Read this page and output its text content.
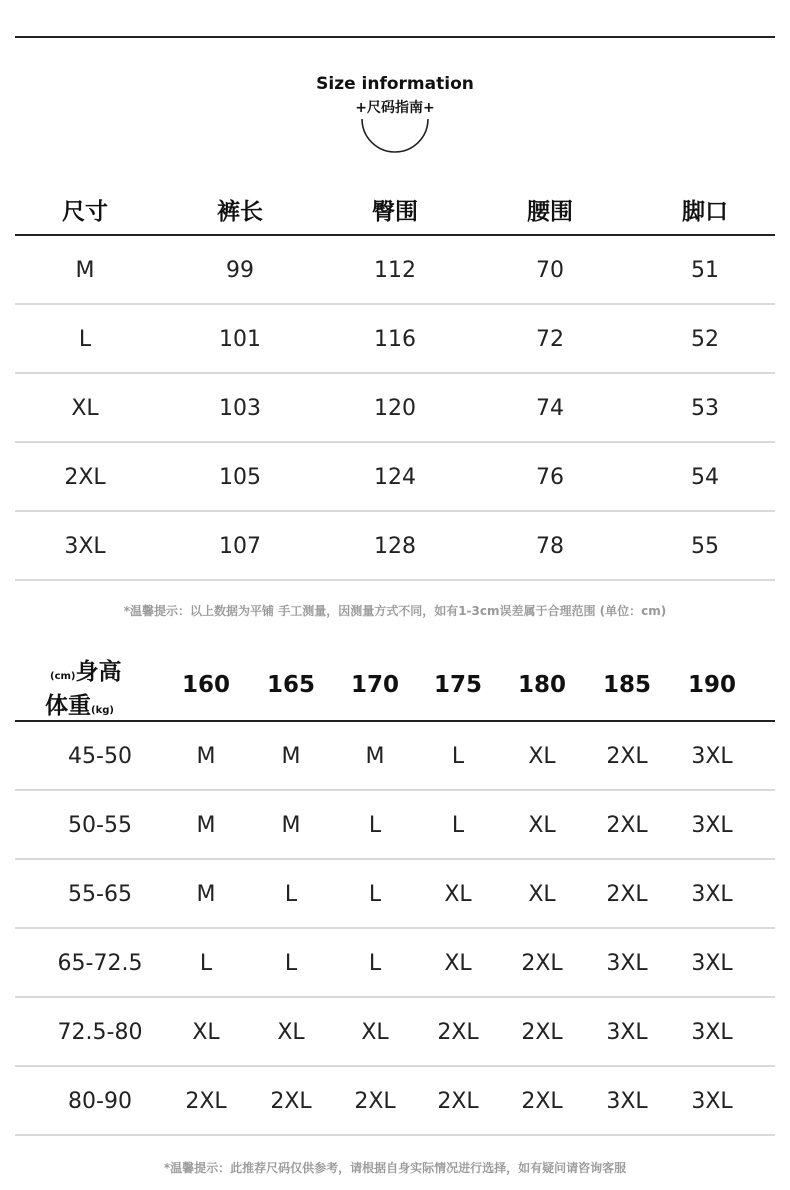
Size information
+尺码指南+
尺寸	裤长	臀围	腰围	脚口
M	99	112	70	51
L	101	116	72	52
XL	103	120	74	53
2XL	105	124	76	54
3XL	107	128	78	55
*温馨提示：以上数据为平铺 手工测量，因测量方式不同，如有1-3cm误差属于合理范围 (单位：cm)
(cm)身高
体重(kg)
160	165	170	175	180	185	190
45-50	M	M	M	L	XL	2XL	3XL
50-55	M	M	L	L	XL	2XL	3XL
55-65	M	L	L	XL	XL	2XL	3XL
65-72.5	L	L	L	XL	2XL	3XL	3XL
72.5-80	XL	XL	XL	2XL	2XL	3XL	3XL
80-90	2XL	2XL	2XL	2XL	2XL	3XL	3XL
*温馨提示：此推荐尺码仅供参考，请根据自身实际情况进行选择，如有疑问请咨询客服
